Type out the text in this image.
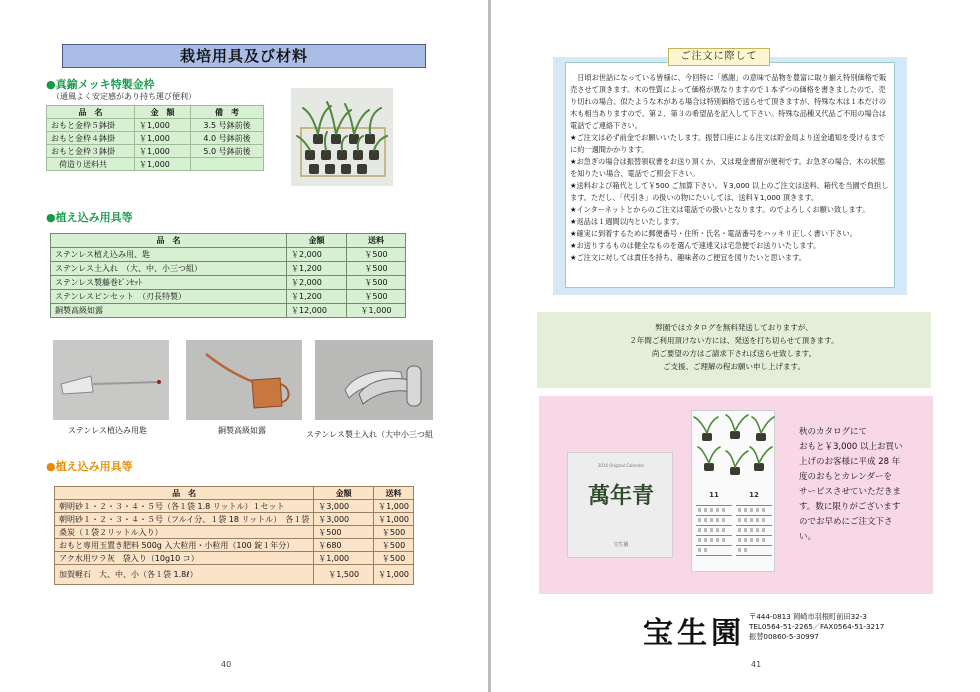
栽培用具及び材料
●真鍮メッキ特製金枠
（通風よく安定感があり持ち運び便利）
品　名	金　額	備　考
おもと金枠５鉢掛	￥1,000	3.5 号鉢前後
おもと金枠４鉢掛	￥1,000	4.0 号鉢前後
おもと金枠３鉢掛	￥1,000	5.0 号鉢前後
荷造り送料共	￥1,000	
●植え込み用具等
品　名	金額	送料
ステンレス植え込み用、匙	￥2,000	￥500
ステンレス土入れ　（大、中、小三つ組）	￥1,200	￥500
ステンレス製藤巻ﾋﾟﾝｾｯﾄ	￥2,000	￥500
ステンレスピンセット　（刃長特製）	￥1,200	￥500
銅製高級如露	￥12,000	￥1,000
ステンレス植込み用匙	銅製高級如露	ステンレス製土入れ（大中小三つ組
●植え込み用具等
品　名	金額	送料
朝明砂１・２・３・４・５号（各１袋 1.8 リットル）１セット	￥3,000	￥1,000
朝明砂１・２・３・４・５号（フルイ分、１袋 18 リットル）　各１袋	￥3,000	￥1,000
桑炭（１袋２リットル入り）	￥500	￥500
おもと専用玉置き肥料 500g 入大粒用・小粒用（100 錠１年分）	￥680	￥500
アク水用ワラ灰　袋入り（10g10 コ）	￥1,000	￥500
加賀軽石　大、中、小（各１袋 1.8ℓ）	￥1,500	￥1,000
40
ご注文に際して

　日頃お世話になっている皆様に、今回特に「感謝」の意味で品物を豊富に取り揃え特別価格で販売させて頂きます。木の性質によって価格が異なりますので１本ずつの価格を書きましたので、売り切れの場合、似たような木がある場合は特別価格で送らせて頂きますが、特殊な木は１本だけの木も相当ありますので、第２、第３の希望品を記入して下さい。特殊な品種又代品ご不用の場合は電話でご連絡下さい。

★ご注文は必ず前金でお願いいたします。振替口座による注文は貯金局より送金通知を受けるまでに約一週間かかります。

★お急ぎの場合は振替領収書をお送り頂くか、又は現金書留が便利です。お急ぎの場合、木の状態を知りたい場合、電話でご照会下さい。

★送料および箱代として￥500 ご加算下さい。￥3,000 以上のご注文は送料、箱代を当園で負担します。ただし、「代引き」の扱いの物にたいしては、送料￥1,000 頂きます。

★インターネットとからのご注文は電話での扱いとなります。のでよろしくお願い致します。

★返品は１週間以内といたします。

★確実に到着するために郵便番号・住所・氏名・電話番号をハッキリ正しく書い下さい。

★お送りするものは健全なものを選んで速達又は宅急便でお送りいたします。

★ご注文に対しては責任を持ち、趣味者のご便宜を図りたいと思います。

弊園ではカタログを無料発送しておりますが、
２年間ご利用頂けない方には、発送を打ち切らせて頂きます。
尚ご要望の方はご請求下されば送らせ致します。
ご支援、ご理解の程お願い申し上げます。
2016 Original Calendar
萬年青
宝生園
11	12
秋のカタログにて
おもと￥3,000 以上お買い
上げのお客様に平成 28 年
度のおもとカレンダーを
サービスさせていただきま
す。数に限りがございます
のでお早めにご注文下さ
い。
宝生園 〒444-0813 岡崎市羽根町前田32-3
TEL0564-51-2265／FAX0564-51-3217
振替00860-5-30997
41
